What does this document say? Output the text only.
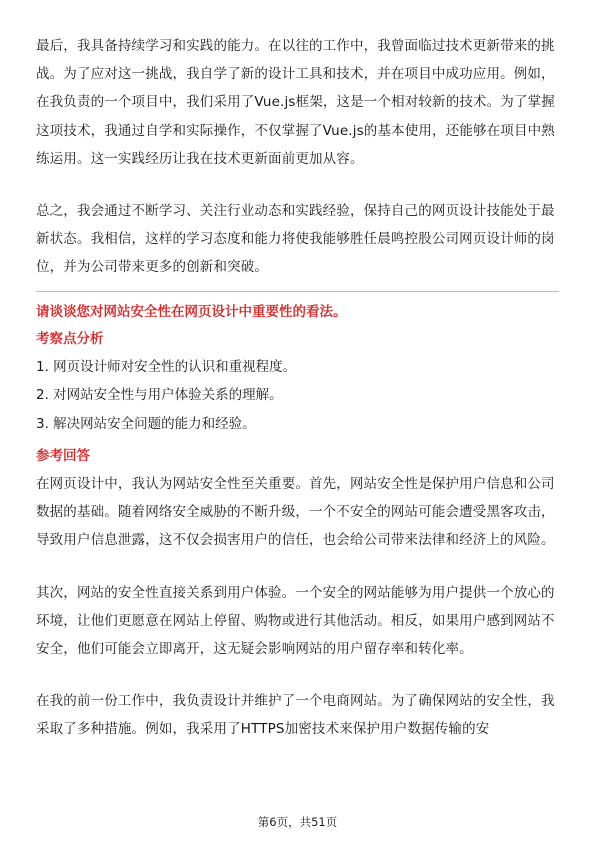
最后，我具备持续学习和实践的能力。在以往的工作中，我曾面临过技术更新带来的挑战。为了应对这一挑战，我自学了新的设计工具和技术，并在项目中成功应用。例如，在我负责的一个项目中，我们采用了Vue.js框架，这是一个相对较新的技术。为了掌握这项技术，我通过自学和实际操作，不仅掌握了Vue.js的基本使用，还能够在项目中熟练运用。这一实践经历让我在技术更新面前更加从容。

总之，我会通过不断学习、关注行业动态和实践经验，保持自己的网页设计技能处于最新状态。我相信，这样的学习态度和能力将使我能够胜任晨鸣控股公司网页设计师的岗位，并为公司带来更多的创新和突破。

请谈谈您对网站安全性在网页设计中重要性的看法。

考察点分析

1. 网页设计师对安全性的认识和重视程度。

2. 对网站安全性与用户体验关系的理解。

3. 解决网站安全问题的能力和经验。

参考回答

在网页设计中，我认为网站安全性至关重要。首先，网站安全性是保护用户信息和公司数据的基础。随着网络安全威胁的不断升级，一个不安全的网站可能会遭受黑客攻击，导致用户信息泄露，这不仅会损害用户的信任，也会给公司带来法律和经济上的风险。

其次，网站的安全性直接关系到用户体验。一个安全的网站能够为用户提供一个放心的环境，让他们更愿意在网站上停留、购物或进行其他活动。相反，如果用户感到网站不安全，他们可能会立即离开，这无疑会影响网站的用户留存率和转化率。

在我的前一份工作中，我负责设计并维护了一个电商网站。为了确保网站的安全性，我采取了多种措施。例如，我采用了HTTPS加密技术来保护用户数据传输的安

第6页，共51页
